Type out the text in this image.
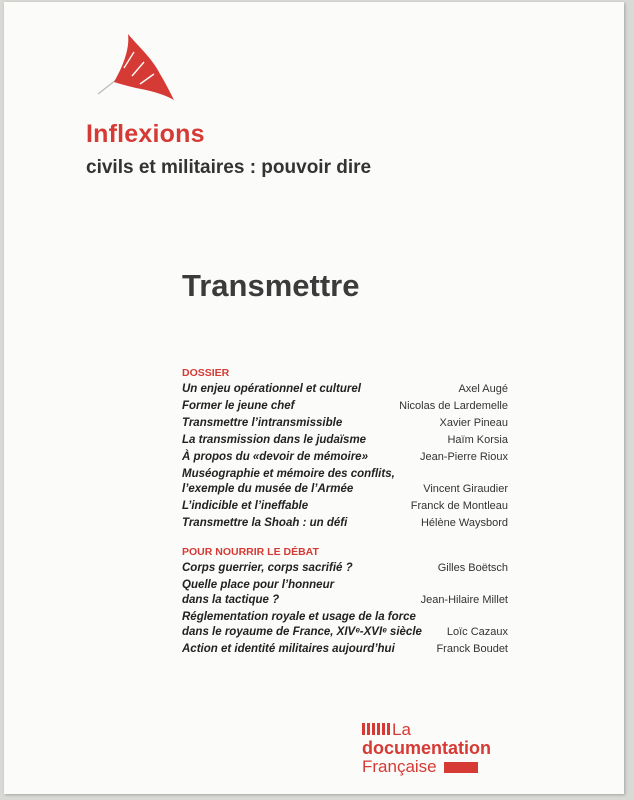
Inflexions
civils et militaires : pouvoir dire
Transmettre
DOSSIER
Un enjeu opérationnel et culturel	Axel Augé
Former le jeune chef	Nicolas de Lardemelle
Transmettre l’intransmissible	Xavier Pineau
La transmission dans le judaïsme	Haïm Korsia
À propos du «devoir de mémoire»	Jean-Pierre Rioux
Muséographie et mémoire des conflits,
l’exemple du musée de l’Armée	Vincent Giraudier
L’indicible et l’ineffable	Franck de Montleau
Transmettre la Shoah : un défi	Hélène Waysbord
POUR NOURRIR LE DÉBAT
Corps guerrier, corps sacrifié ?	Gilles Boëtsch
Quelle place pour l’honneur
dans la tactique ?	Jean-Hilaire Millet
Réglementation royale et usage de la force
dans le royaume de France, XIVᵉ-XVIᵉ siècle Loïc Cazaux
Action et identité militaires aujourd’hui	Franck Boudet
La
documentation
Française
